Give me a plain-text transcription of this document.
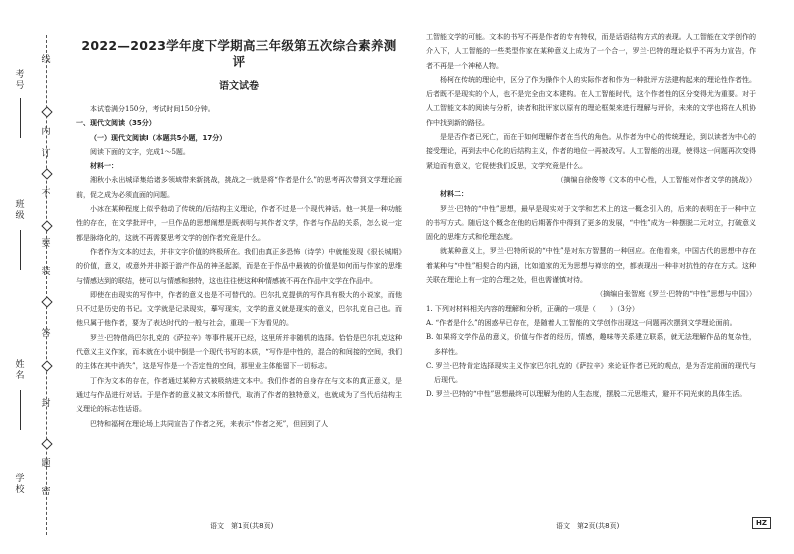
线
内
订
不
要
装
答
封
题
密
考号
班级
姓名
学校
2022—2023学年度下学期高三年级第五次综合素养测评
语文试卷

本试卷满分150分，考试时间150分钟。

一、现代文阅读（35分）

（一）现代文阅读Ⅰ（本题共5小题，17分）

阅读下面的文字，完成1～5题。

材料一：

湘秋小永出城译集给诸多领域带来新挑战，挑战之一就是将“作者是什么”的思考再次带到文学理论面前，促之成为必须直面的问题。

小冰在某种程度上似乎勃动了传统的/后结构主义理论，作者不过是一个现代神话。他一其是一种功能性的存在，在文学批评中，一旦作品的思想阐想是既表明与其作者文学，作者与作品的关系，怎么说一定都是脉络化的，这就不再需要思考文学的创作者究竟是什么。

作者作为文本的过去，并非文字价值的终极所在。我们由真正多恐怖（诗学）中就能发现《很长城期》的价值，意义，或意外并非源于游产作品的神圣起源，而是在于作品中最被的价值是如何而与作家的思维与情感达到的联结，使可以与情感和独特，这也往往使这种种情感被不再在作品中文学在作品中。

即使在由现实的写作中，作者的意义也是不可替代的。巴尔扎克提供的写作具有极大的小说家，而他只不过是历史的书记。文学就是记录现实，摹写现实，文学的意义就是现实的意义，巴尔扎克自己也。而他只属于他作者，要为了表达时代的一般与社会，重现一下为看见的。

罗兰·巴特借尚巴尔扎克的《萨拉辛》等事件展开已经，这里所并非随机的选择。恰恰是巴尔扎克这种代意义主义作家，而本就在小说中倒是一个现代书写的本质，“写作是中性的，混合的和间接的空间，我们的主体在其中消失”，这是写作是一个否定性的空间，那里业主体能留下一切标志。

丁作为文本的存在，作者通过某种方式被吸纳进文本中。我们作者的自身存在与文本的真正意义，是通过与作品进行对话。于是作者的意义被文本所替代，取消了作者的独特意义，也就成为了当代后结构主义理论的标志性话语。

巴特和福柯在理论场上共同宣告了作者之死，来表示“作者之死”，但回到了人

工智能文学的可能。文本的书写不再是作者的专有特权，而是话语结构方式的表现。人工智能在文学创作的介入下，人工智能的一些类型作家在某种意义上成为了一个合一，罗兰·巴特的理论似乎不再为力宣告，作者不再是一个神秘人物。

杨柯在传统的理论中，区分了作为操作个人的实际作者和作为一种批评方法建构起来的理论性作者性。后者既不是现实的个人，也不是完全由文本建构。在人工智能时代，这个作者性的区分变得尤为重要。对于人工智能文本的阅读与分析，读者和批评家以原有的理论框架来进行理解与评价，未来的文学也将在人机协作中找到新的路径。

是是否作者已死亡，而在于如何理解作者在当代的角色。从作者为中心的传统理论，到以读者为中心的接受理论，再到去中心化的后结构主义，作者的地位一再被改写。人工智能的出现，使得这一问题再次变得紧迫而有意义，它促使我们反思，文学究竟是什么。

（摘编自徐俊等《文本的中心性，人工智能对作者文学的挑战》）

材料二：

罗兰·巴特的“中性”思想，最早是现实对于文学和艺术上的这一概念引入的，后来的表明在于一种中立的书写方式。随后这个概念在他的后期著作中得到了更多的发展，“中性”成为一种摆脱二元对立，打破意义固化的思维方式和伦理态度。

就某种意义上，罗兰·巴特所说的“中性”是对东方智慧的一种回应。在他看来，中国古代的思想中存在着某种与“中性”相契合的内涵，比如道家的无为思想与禅宗的空，都表现出一种非对抗性的存在方式。这种关联在理论上有一定的合理之处，但也需谨慎对待。

（摘编自张智庭《罗兰·巴特的“中性”思想与中国》）

1. 下列对材料相关内容的理解和分析，正确的一项是（　　）（3分）

A. “作者是什么”的困惑早已存在，是随着人工智能的文学创作出现这一问题再次摆到文学理论面前。

B. 如果将文学作品的意义，价值与作者的经历，情感，趣味等关系建立联系，就无法理解作品的复杂性，多样性。

C. 罗兰·巴特肯定选择现实主义作家巴尔扎克的《萨拉辛》来论证作者已死的观点，是为否定前面的现代与后现代。

D. 罗兰·巴特的“中性”思想最终可以理解为他的人生态度，摆脱二元思维式，避开不同光束的具体生活。

语文　第1页(共8页)	语文　第2页(共8页)	HZ
